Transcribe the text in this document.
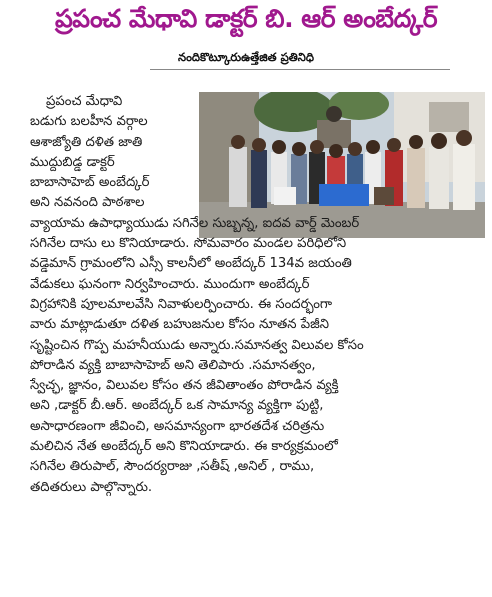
ప్రపంచ మేధావి డాక్టర్ బి. ఆర్ అంబేద్కర్
నందికొట్కూరుఉత్తేజిత ప్రతినిధి
ప్రపంచ మేధావి
బడుగు బలహీన వర్గాల
ఆశాజ్యోతి దళిత జాతి
ముద్దుబిడ్డ డాక్టర్
బాబాసాహెబ్ అంబేద్కర్
అని నవనంది పాఠశాల
వ్యాయామ ఉపాధ్యాయుడు సగినేల సుబ్బన్న, ఐదవ వార్డ్ మెంబర్
సగినేల దాసు లు కొనియాడారు. సోమవారం మండల పరిధిలోని
వడ్డెమాన్ గ్రామంలోని ఎస్సీ కాలనీలో అంబేద్కర్ 134వ జయంతి
వేడుకలు ఘనంగా నిర్వహించారు. ముందుగా అంబేద్కర్
విగ్రహానికి పూలమాలవేసి నివాళులర్పించారు. ఈ సందర్భంగా
వారు మాట్లాడుతూ దళిత బహుజనుల కోసం నూతన పేజీని
సృష్టించిన గొప్ప మహనీయుడు అన్నారు.సమానత్వ విలువల కోసం
పోరాడిన వ్యక్తి బాబాసాహెబ్ అని తెలిపారు .సమానత్వం,
స్వేచ్ఛ, జ్ఞానం, విలువల కోసం తన జీవితాంతం పోరాడిన వ్యక్తి
అని ,డాక్టర్ బీ.ఆర్. అంబేద్కర్ ఒక సామాన్య వ్యక్తిగా పుట్టి,
అసాధారణంగా జీవించి, అసమాన్యంగా భారతదేశ చరిత్రను
మలిచిన నేత అంబేద్కర్ అని కొనియాడారు. ఈ కార్యక్రమంలో
సగినేల తిరుపాల్, సౌందర్యరాజు ,సతీష్ ,అనిల్ , రాము,
తదితరులు పాల్గొన్నారు.
